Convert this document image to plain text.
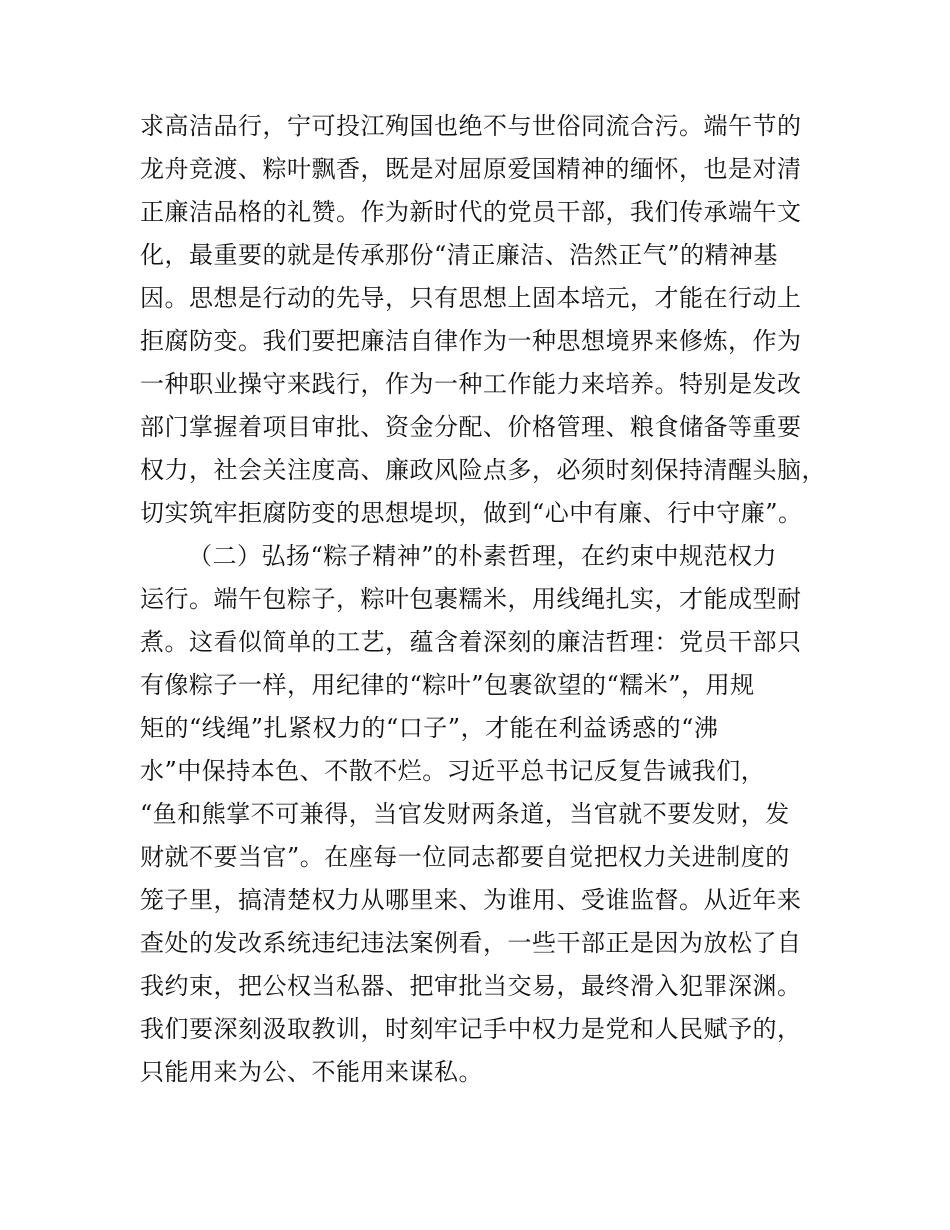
求高洁品行，宁可投江殉国也绝不与世俗同流合污。端午节的
龙舟竞渡、粽叶飘香，既是对屈原爱国精神的缅怀，也是对清
正廉洁品格的礼赞。作为新时代的党员干部，我们传承端午文
化，最重要的就是传承那份“清正廉洁、浩然正气”的精神基
因。思想是行动的先导，只有思想上固本培元，才能在行动上
拒腐防变。我们要把廉洁自律作为一种思想境界来修炼，作为
一种职业操守来践行，作为一种工作能力来培养。特别是发改
部门掌握着项目审批、资金分配、价格管理、粮食储备等重要
权力，社会关注度高、廉政风险点多，必须时刻保持清醒头脑，
切实筑牢拒腐防变的思想堤坝，做到“心中有廉、行中守廉”。
（二）弘扬“粽子精神”的朴素哲理，在约束中规范权力
运行。端午包粽子，粽叶包裹糯米，用线绳扎实，才能成型耐
煮。这看似简单的工艺，蕴含着深刻的廉洁哲理：党员干部只
有像粽子一样，用纪律的“粽叶”包裹欲望的“糯米”，用规
矩的“线绳”扎紧权力的“口子”，才能在利益诱惑的“沸
水”中保持本色、不散不烂。习近平总书记反复告诫我们，
“鱼和熊掌不可兼得，当官发财两条道，当官就不要发财，发
财就不要当官”。在座每一位同志都要自觉把权力关进制度的
笼子里，搞清楚权力从哪里来、为谁用、受谁监督。从近年来
查处的发改系统违纪违法案例看，一些干部正是因为放松了自
我约束，把公权当私器、把审批当交易，最终滑入犯罪深渊。
我们要深刻汲取教训，时刻牢记手中权力是党和人民赋予的，
只能用来为公、不能用来谋私。
